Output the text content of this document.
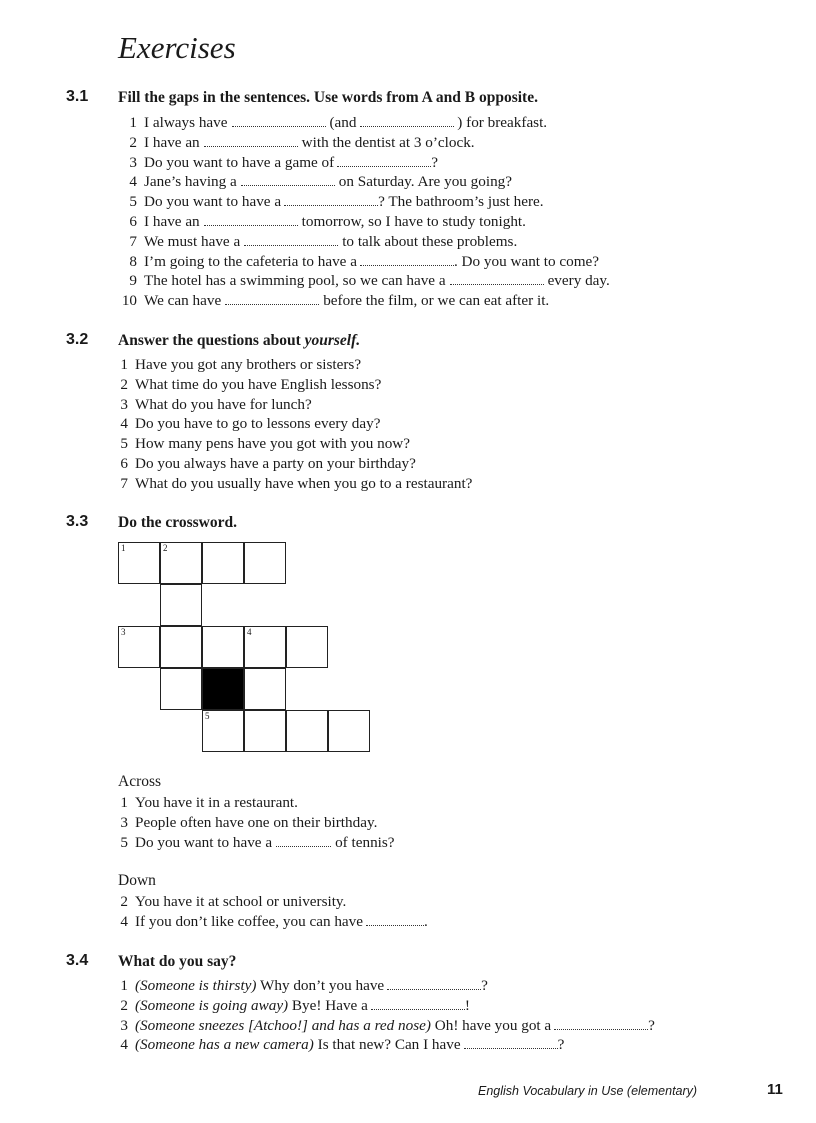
Exercises
3.1 Fill the gaps in the sentences. Use words from A and B opposite.
1 I always have	(and	) for breakfast.
2 I have an	with the dentist at 3 o’clock.
3 Do you want to have a game of	?
4 Jane’s having a	on Saturday. Are you going?
5 Do you want to have a	? The bathroom’s just here.
6 I have an	tomorrow, so I have to study tonight.
7 We must have a	to talk about these problems.
8 I’m going to the cafeteria to have a	. Do you want to come?
9 The hotel has a swimming pool, so we can have a	every day.
10 We can have	before the film, or we can eat after it.
3.2 Answer the questions about yourself.
1 Have you got any brothers or sisters?
2 What time do you have English lessons?
3 What do you have for lunch?
4 Do you have to go to lessons every day?
5 How many pens have you got with you now?
6 Do you always have a party on your birthday?
7 What do you usually have when you go to a restaurant?
3.3 Do the crossword.
1	2
3	4
5
Across
1 You have it in a restaurant.
3 People often have one on their birthday.
5 Do you want to have a	of tennis?
Down
2 You have it at school or university.
4 If you don’t like coffee, you can have	.
3.4 What do you say?
1 (Someone is thirsty) Why don’t you have	?
2 (Someone is going away) Bye! Have a	!
3 (Someone sneezes [Atchoo!] and has a red nose) Oh! have you got a	?
4 (Someone has a new camera) Is that new? Can I have	?
English Vocabulary in Use (elementary)	11
